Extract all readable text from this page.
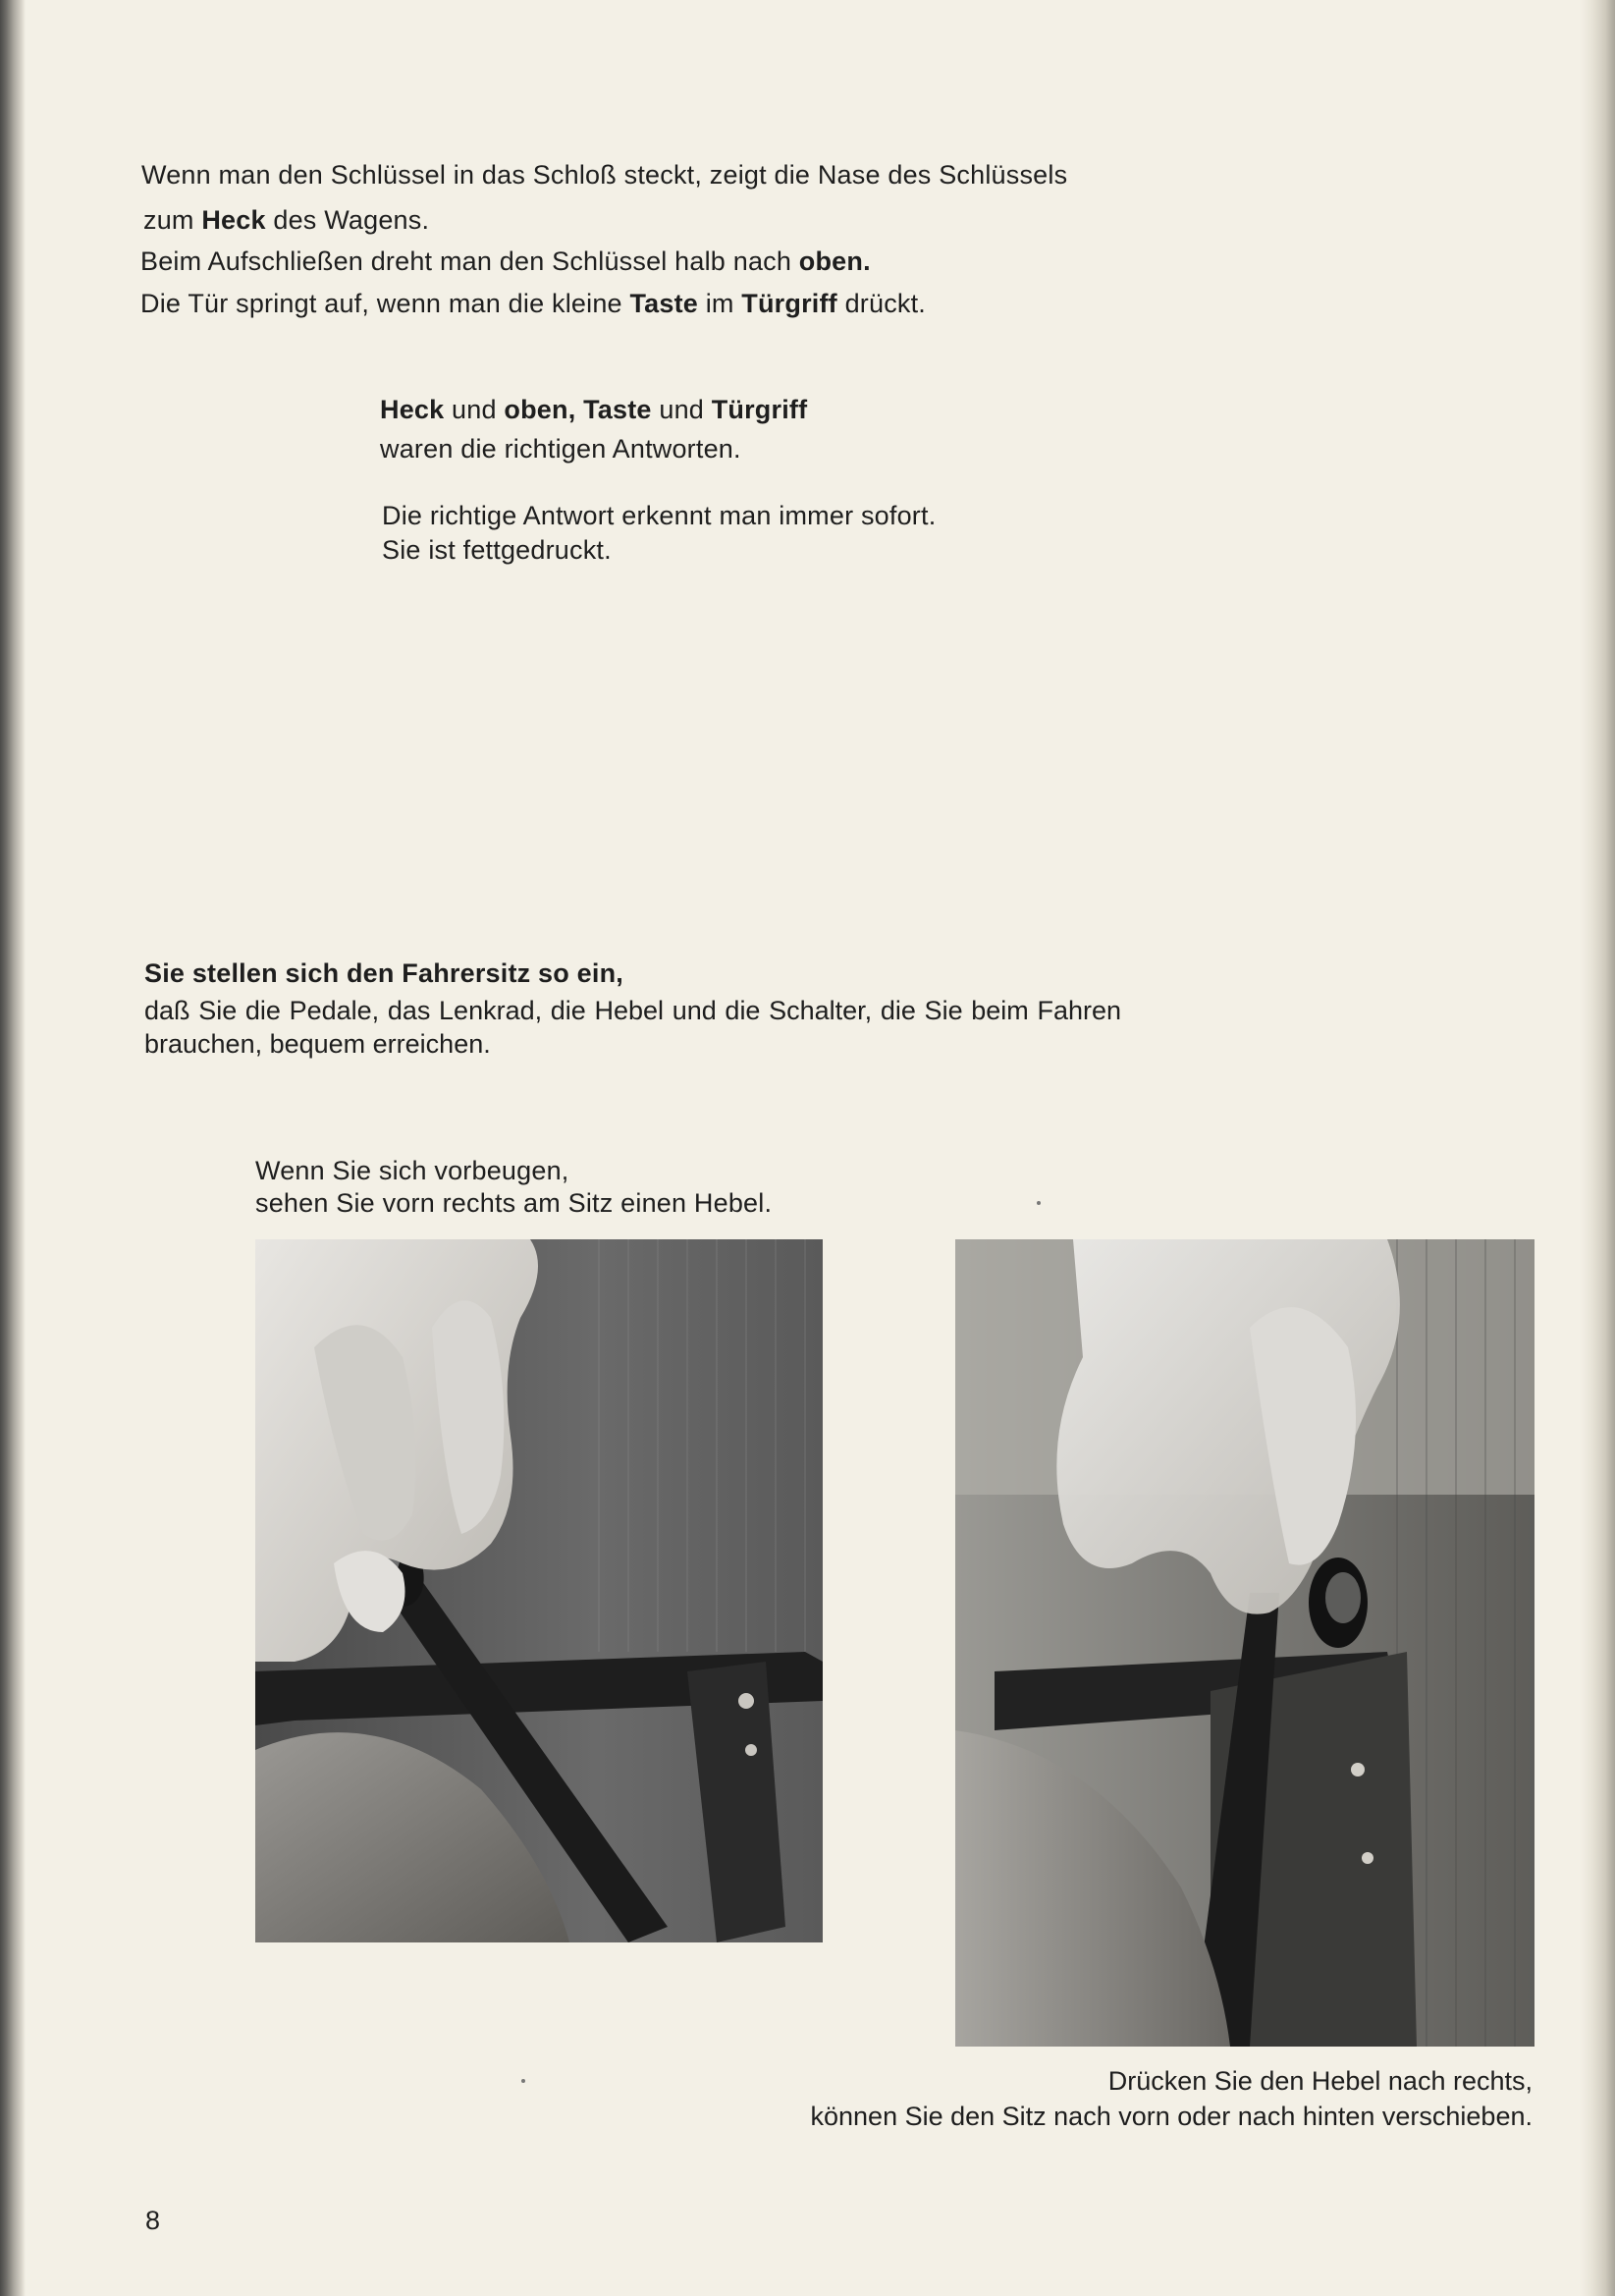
Wenn man den Schlüssel in das Schloß steckt, zeigt die Nase des Schlüssels
zum Heck des Wagens.
Beim Aufschließen dreht man den Schlüssel halb nach oben.
Die Tür springt auf, wenn man die kleine Taste im Türgriff drückt.
Heck und oben, Taste und Türgriff
waren die richtigen Antworten.
Die richtige Antwort erkennt man immer sofort.
Sie ist fettgedruckt.
Sie stellen sich den Fahrersitz so ein,
daß Sie die Pedale, das Lenkrad, die Hebel und die Schalter, die Sie beim Fahren brauchen, bequem erreichen.
Wenn Sie sich vorbeugen,
sehen Sie vorn rechts am Sitz einen Hebel.
Drücken Sie den Hebel nach rechts,
können Sie den Sitz nach vorn oder nach hinten verschieben.
8
